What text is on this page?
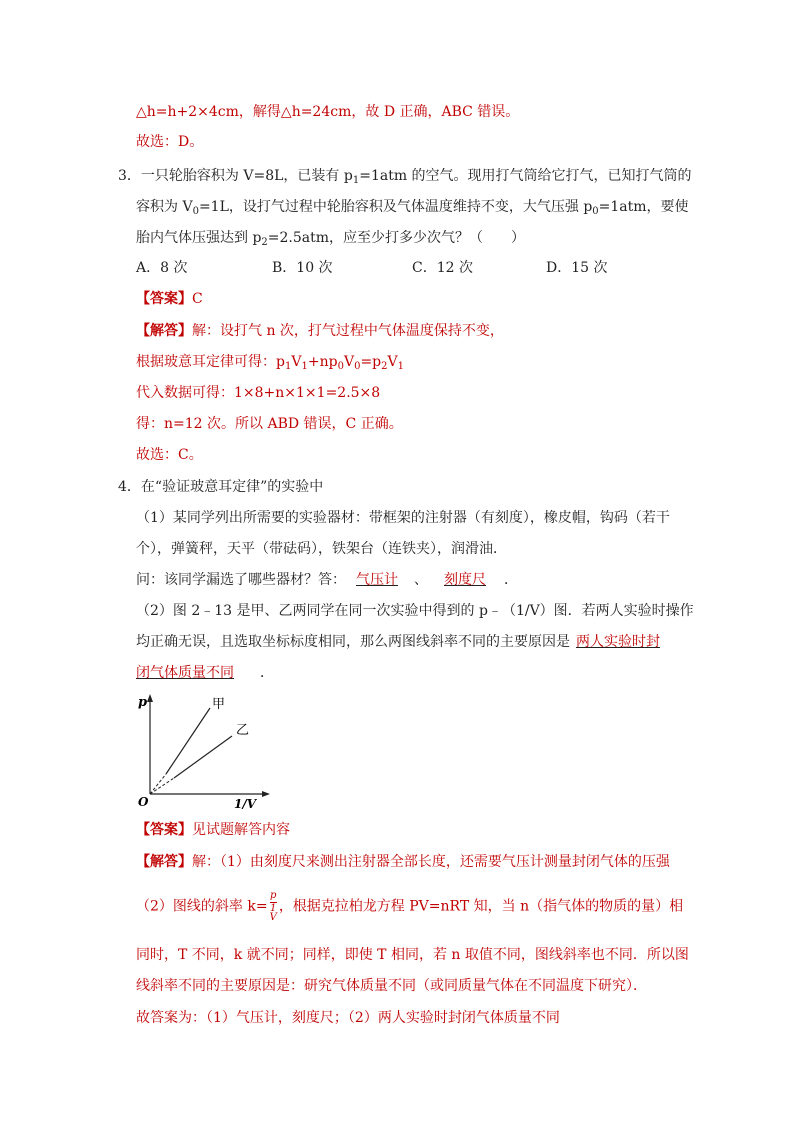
△h=h+2×4cm，解得△h=24cm，故 D 正确，ABC 错误。
故选：D。
3．一只轮胎容积为 V=8L，已装有 $p_1=1atm$ 的空气。现用打气筒给它打气，已知打气筒的
容积为 $V_0=1L$，设打气过程中轮胎容积及气体温度维持不变，大气压强 $p_0=1atm$，要使
胎内气体压强达到 $p_2=2.5atm$，应至少打多少次气？（　　）
A．8 次	B．10 次	C．12 次	D．15 次
【答案】C
【解答】解：设打气 n 次，打气过程中气体温度保持不变，
根据玻意耳定律可得：$p_1V_1+np_0V_0=p_2V_1$
代入数据可得：1×8+n×1×1=2.5×8
得：n=12 次。所以 ABD 错误，C 正确。
故选：C。
4．在“验证玻意耳定律”的实验中
（1）某同学列出所需要的实验器材：带框架的注射器（有刻度），橡皮帽，钩码（若干
个），弹簧秤，天平（带砝码），铁架台（连铁夹），润滑油．
问：该同学漏选了哪些器材？答： 气压计 、 刻度尺 ．
（2）图 2﹣13 是甲、乙两同学在同一次实验中得到的 p﹣（1/V）图．若两人实验时操作
均正确无误，且选取坐标标度相同，那么两图线斜率不同的主要原因是 两人实验时封
闭气体质量不同 ．
p
1/V
O
甲
乙
【答案】见试题解答内容
【解答】解：（1）由刻度尺来测出注射器全部长度，还需要气压计测量封闭气体的压强
（2）图线的斜率 k=p
1
V，根据克拉柏龙方程 PV=nRT 知，当 n（指气体的物质的量）相
同时，T 不同，k 就不同；同样，即使 T 相同，若 n 取值不同，图线斜率也不同．所以图
线斜率不同的主要原因是：研究气体质量不同（或同质量气体在不同温度下研究）．
故答案为：（1）气压计，刻度尺；（2）两人实验时封闭气体质量不同
